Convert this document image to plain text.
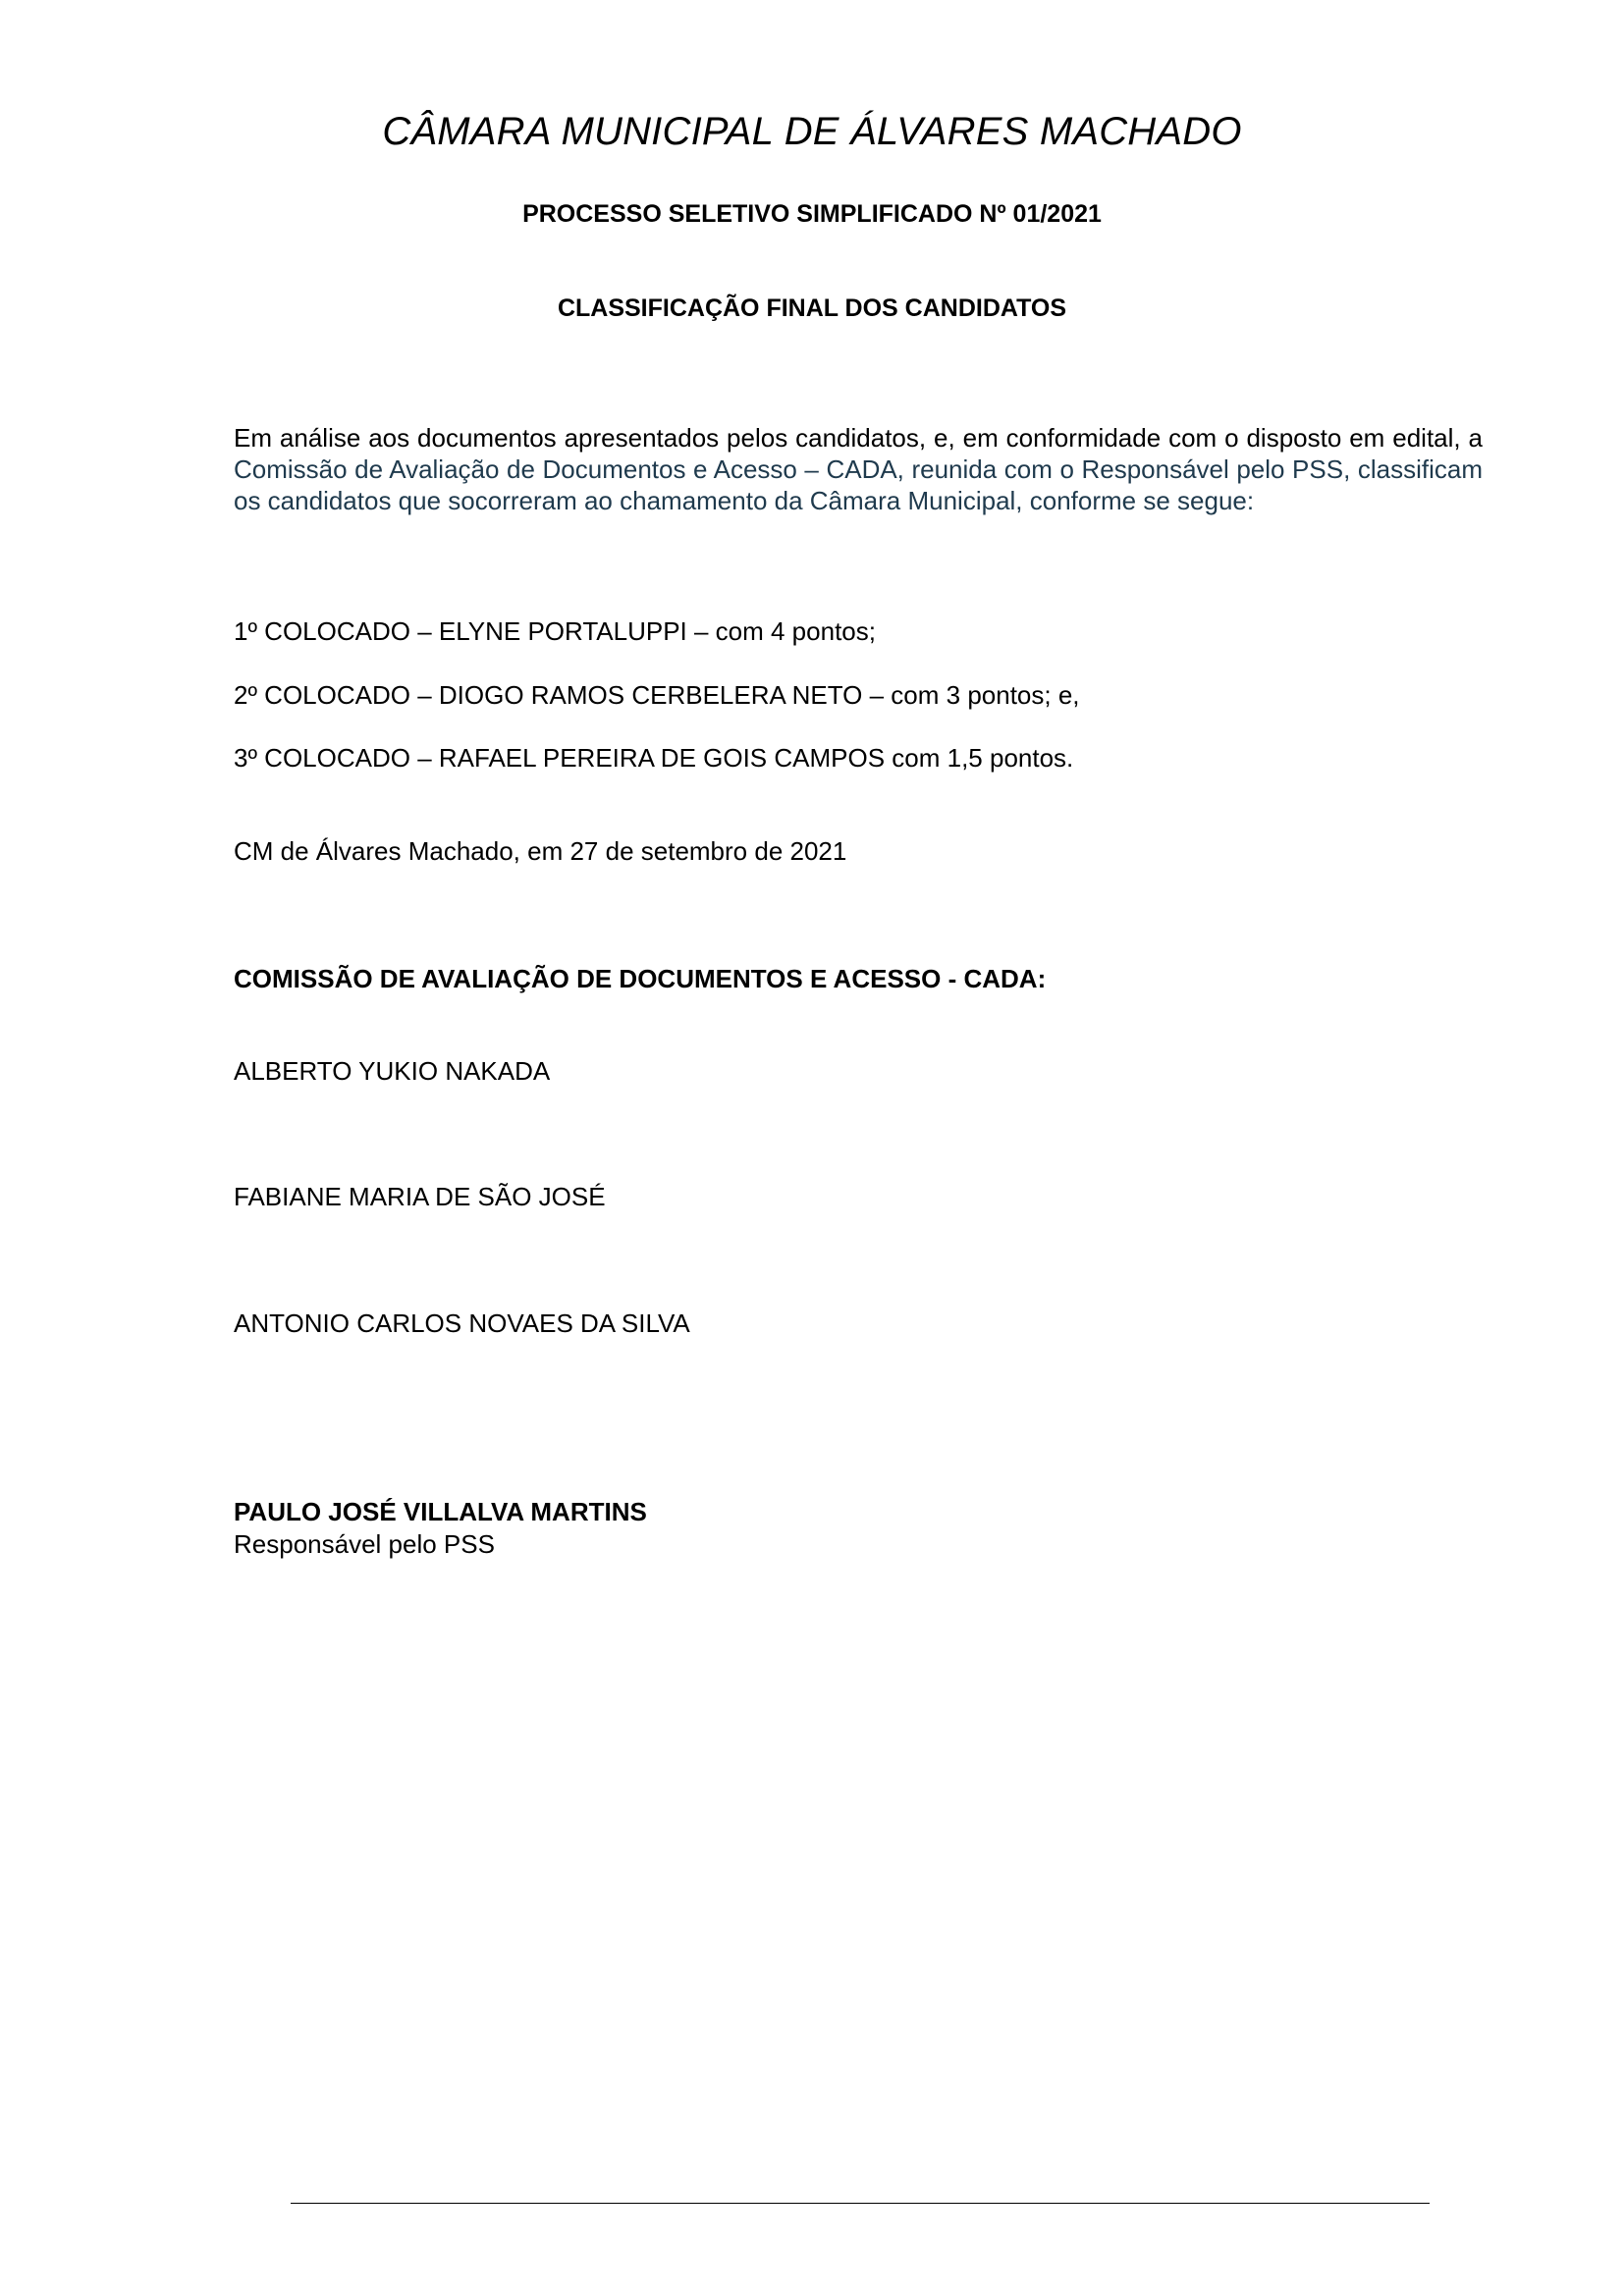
CÂMARA MUNICIPAL DE ÁLVARES MACHADO
PROCESSO SELETIVO SIMPLIFICADO Nº 01/2021
CLASSIFICAÇÃO FINAL DOS CANDIDATOS
Em análise aos documentos apresentados pelos candidatos, e, em conformidade com o disposto em edital, a Comissão de Avaliação de Documentos e Acesso – CADA, reunida com o Responsável pelo PSS, classificam os candidatos que socorreram ao chamamento da Câmara Municipal, conforme se segue:
1º COLOCADO – ELYNE PORTALUPPI – com 4 pontos;
2º COLOCADO – DIOGO RAMOS CERBELERA NETO – com 3 pontos; e,
3º COLOCADO – RAFAEL PEREIRA DE GOIS CAMPOS com 1,5 pontos.
CM de Álvares Machado, em 27 de setembro de 2021
COMISSÃO DE AVALIAÇÃO DE DOCUMENTOS E ACESSO - CADA:
ALBERTO YUKIO NAKADA
FABIANE MARIA DE SÃO JOSÉ
ANTONIO CARLOS NOVAES DA SILVA
PAULO JOSÉ VILLALVA MARTINS
Responsável pelo PSS
